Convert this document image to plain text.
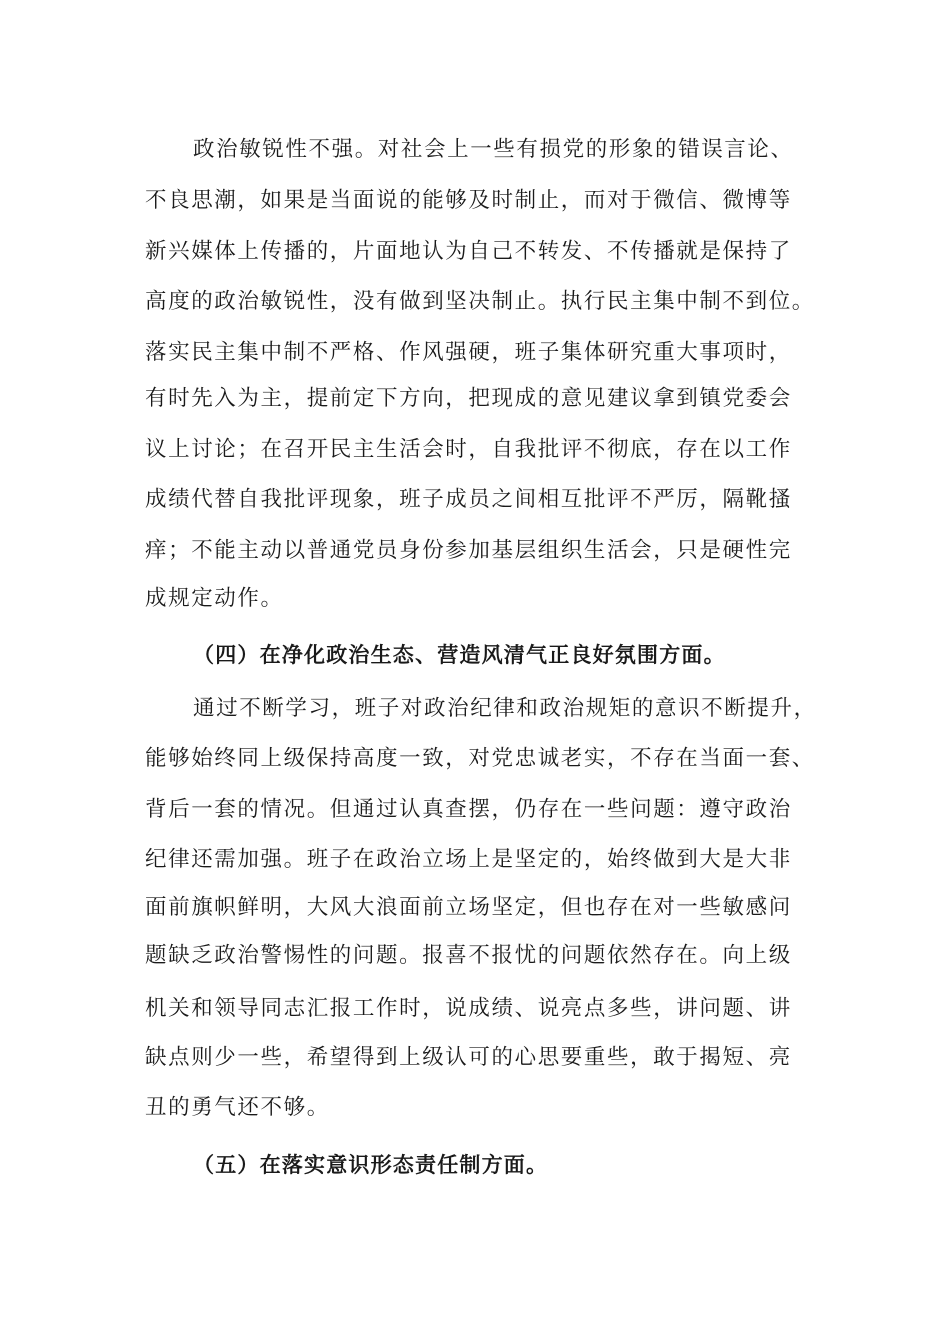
政治敏锐性不强。对社会上一些有损党的形象的错误言论、

不良思潮，如果是当面说的能够及时制止，而对于微信、微博等

新兴媒体上传播的，片面地认为自己不转发、不传播就是保持了

高度的政治敏锐性，没有做到坚决制止。执行民主集中制不到位。

落实民主集中制不严格、作风强硬，班子集体研究重大事项时，

有时先入为主，提前定下方向，把现成的意见建议拿到镇党委会

议上讨论；在召开民主生活会时，自我批评不彻底，存在以工作

成绩代替自我批评现象，班子成员之间相互批评不严厉，隔靴搔

痒；不能主动以普通党员身份参加基层组织生活会，只是硬性完

成规定动作。

（四）在净化政治生态、营造风清气正良好氛围方面。

通过不断学习，班子对政治纪律和政治规矩的意识不断提升，

能够始终同上级保持高度一致，对党忠诚老实，不存在当面一套、

背后一套的情况。但通过认真查摆，仍存在一些问题：遵守政治

纪律还需加强。班子在政治立场上是坚定的，始终做到大是大非

面前旗帜鲜明，大风大浪面前立场坚定，但也存在对一些敏感问

题缺乏政治警惕性的问题。报喜不报忧的问题依然存在。向上级

机关和领导同志汇报工作时，说成绩、说亮点多些，讲问题、讲

缺点则少一些，希望得到上级认可的心思要重些，敢于揭短、亮

丑的勇气还不够。

（五）在落实意识形态责任制方面。
